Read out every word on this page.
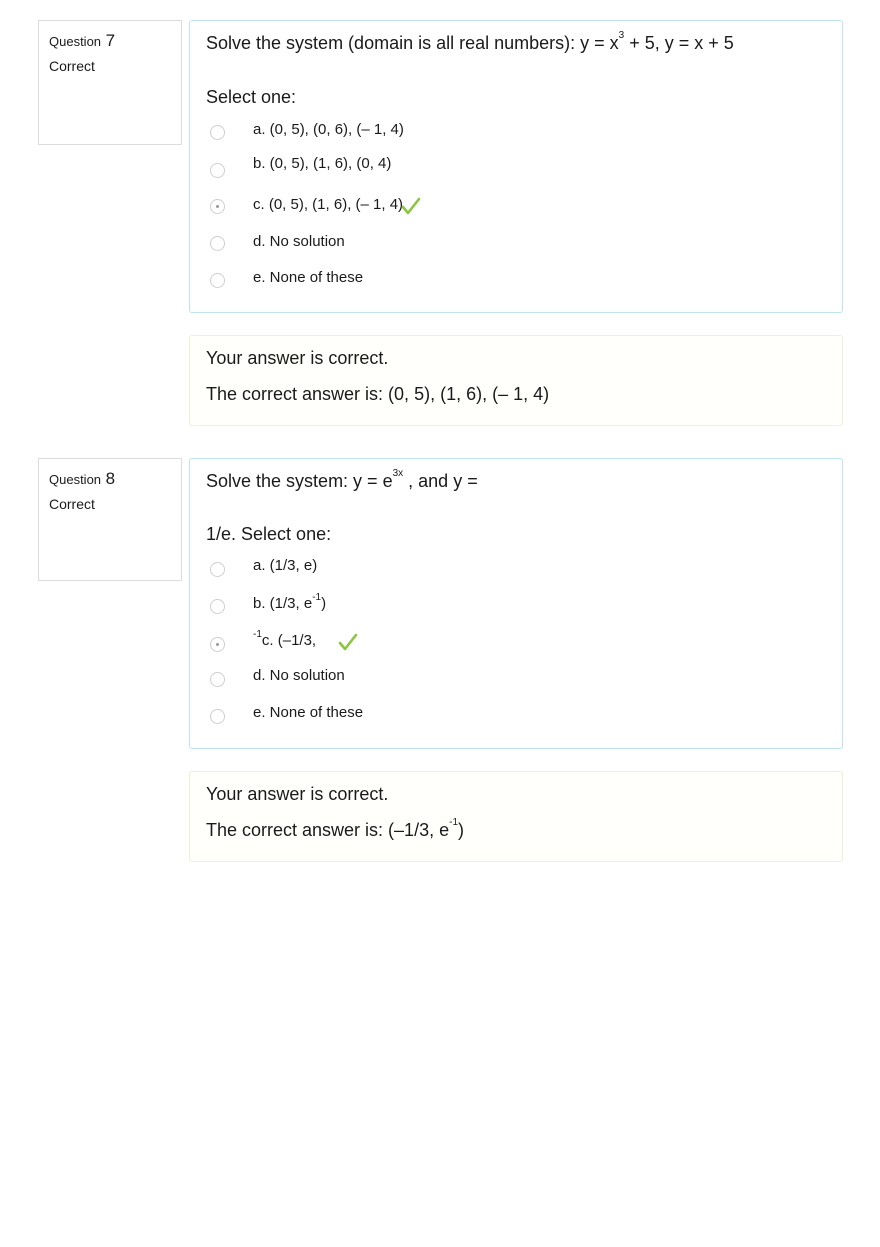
Question 7
Correct
Solve the system (domain is all real numbers): $y = x^3 + 5$, y = x + 5
Select one:
a. (0, 5), (0, 6), (– 1, 4)
b. (0, 5), (1, 6), (0, 4)
c. (0, 5), (1, 6), (– 1, 4)
d. No solution
e. None of these
Your answer is correct.
The correct answer is: (0, 5), (1, 6), (– 1, 4)
Question 8
Correct
Solve the system: $y = e^{3x}$ , and y =
1/e. Select one:
a. (1/3, e)
b. (1/3, $e^{-1}$)
$^{-1}$c. (–1/3,
d. No solution
e. None of these
Your answer is correct.
The correct answer is: (–1/3, $e^{-1}$)
